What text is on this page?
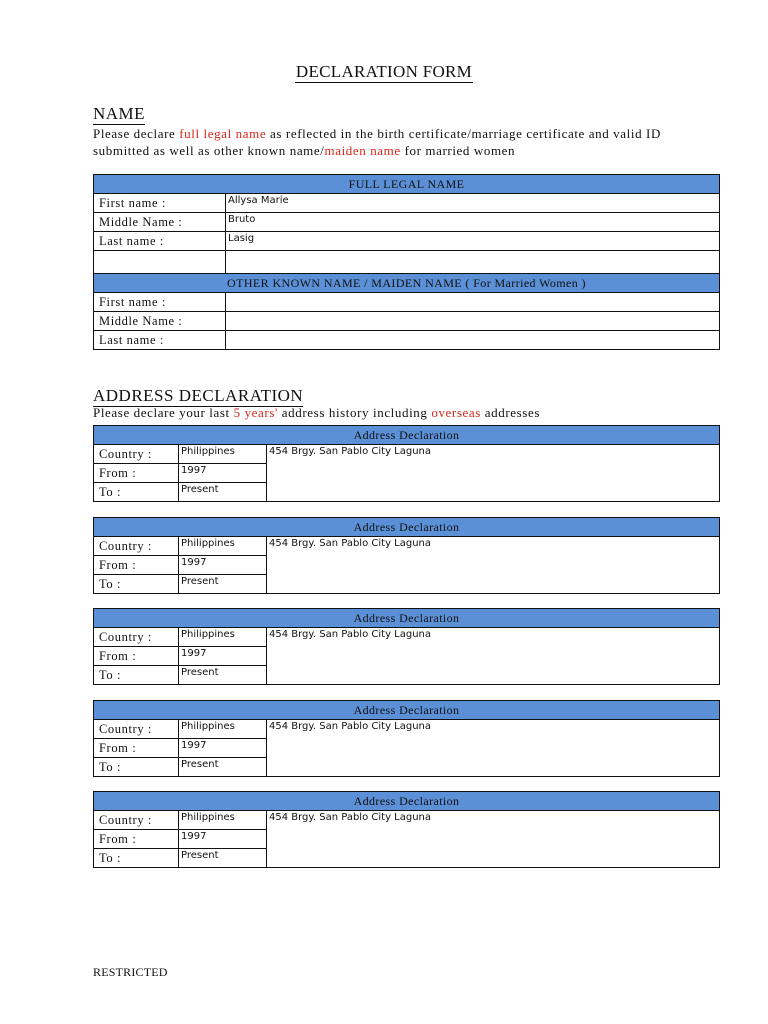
DECLARATION FORM
NAME
Please declare full legal name as reflected in the birth certificate/marriage certificate and valid ID
submitted as well as other known name/maiden name for married women
FULL LEGAL NAME	
First name :	Allysa Marie
Middle Name :	Bruto
Last name :	Lasig

OTHER KNOWN NAME / MAIDEN NAME ( For Married Women )	
First name :	
Middle Name :	
Last name :	
ADDRESS DECLARATION
Please declare your last 5 years' address history including overseas addresses
Address Declaration		
Country :	Philippines	454 Brgy. San Pablo City Laguna
From :	1997	
To :	Present	
Address Declaration		
Country :	Philippines	454 Brgy. San Pablo City Laguna
From :	1997	
To :	Present	
Address Declaration		
Country :	Philippines	454 Brgy. San Pablo City Laguna
From :	1997	
To :	Present	
Address Declaration		
Country :	Philippines	454 Brgy. San Pablo City Laguna
From :	1997	
To :	Present	
Address Declaration		
Country :	Philippines	454 Brgy. San Pablo City Laguna
From :	1997	
To :	Present	
RESTRICTED
